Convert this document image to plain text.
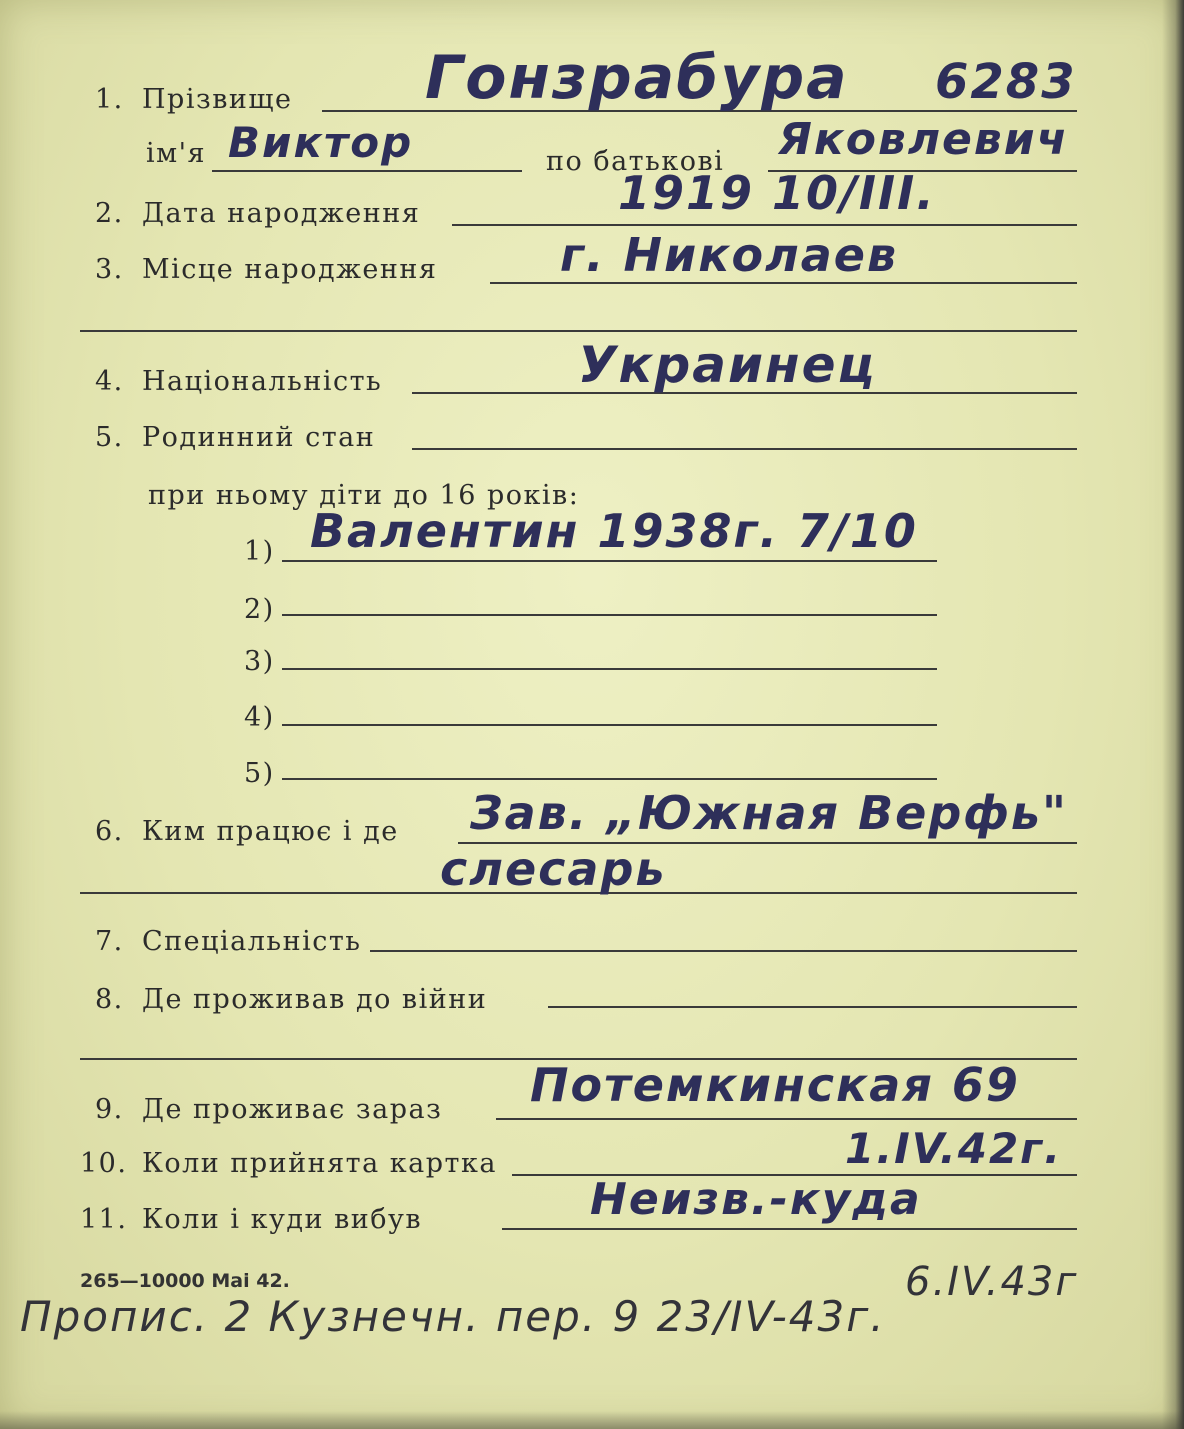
1. Прізвище Гонзрабура 6283
ім'я Виктор	по батькові Яковлевич
2. Дата народження	1919 10/III.
3. Місце народження	г. Николаев
4. Національність	Украинец
5. Родинний стан
при ньому діти до 16 років:
1) Валентин 1938г. 7/10
2)
3)
4)
5)
6. Ким працює і де Зав. „Южная Верфь"
слесарь
7. Спеціальність
8. Де проживав до війни
9. Де проживає зараз Потемкинская 69
10. Коли прийнята картка	1.IV.42г.
11. Коли і куди вибув	Неизв.-куда
265—10000 Mai 42.	6.IV.43г
Пропис. 2 Кузнечн. пер. 9 23/IV-43г.
